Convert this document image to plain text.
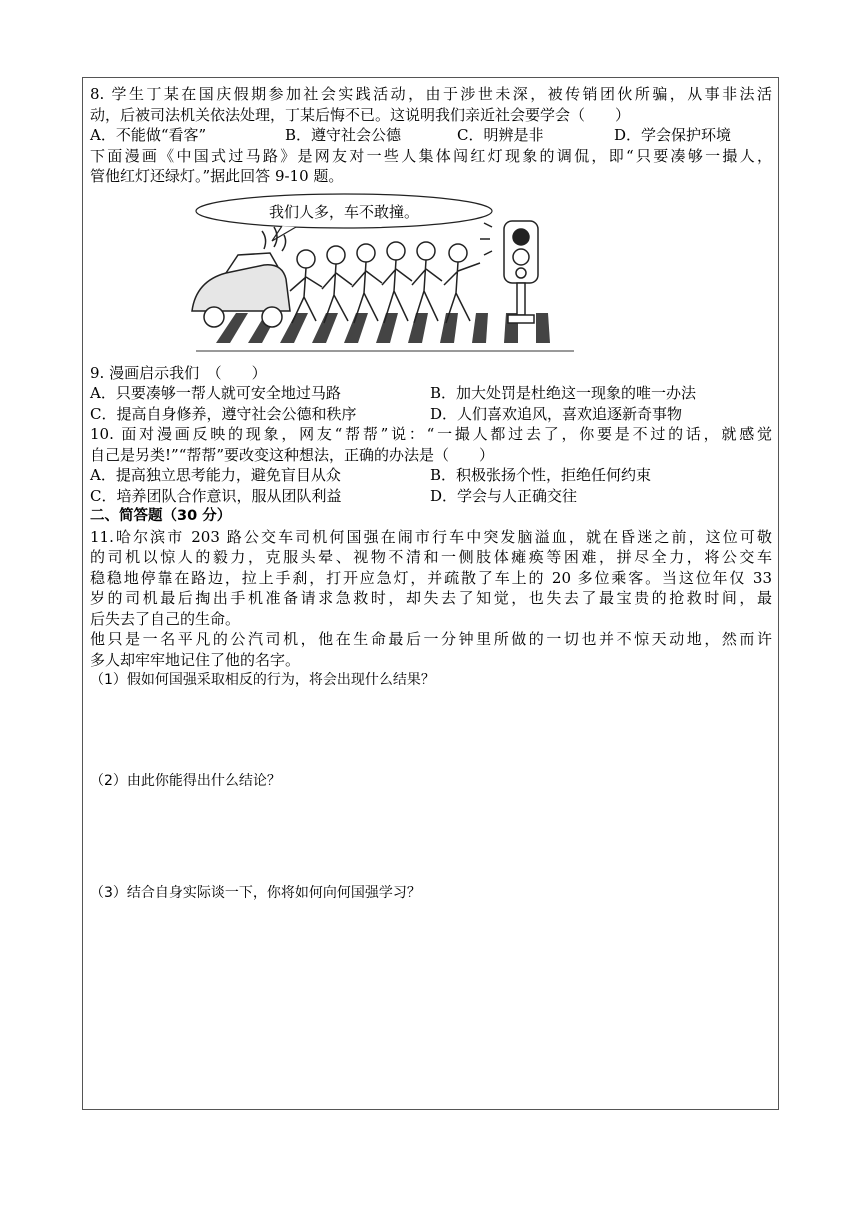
8. 学生丁某在国庆假期参加社会实践活动，由于涉世未深，被传销团伙所骗，从事非法活
动，后被司法机关依法处理，丁某后悔不已。这说明我们亲近社会要学会（　　）
A．不能做“看客”	B．遵守社会公德	C．明辨是非	D．学会保护环境
下面漫画《中国式过马路》是网友对一些人集体闯红灯现象的调侃，即“只要凑够一撮人，
管他红灯还绿灯。”据此回答 9-10 题。
我们人多，车不敢撞。
9. 漫画启示我们　（　　）
A．只要凑够一帮人就可安全地过马路	B．加大处罚是杜绝这一现象的唯一办法
C．提高自身修养，遵守社会公德和秩序	D．人们喜欢追风，喜欢追逐新奇事物
10. 面对漫画反映的现象，网友“帮帮”说：“一撮人都过去了，你要是不过的话，就感觉
自己是另类!”“帮帮”要改变这种想法，正确的办法是（　　）
A．提高独立思考能力，避免盲目从众	B．积极张扬个性，拒绝任何约束
C．培养团队合作意识，服从团队利益	D．学会与人正确交往
二、简答题（30 分）
11.哈尔滨市 203 路公交车司机何国强在闹市行车中突发脑溢血，就在昏迷之前，这位可敬
的司机以惊人的毅力，克服头晕、视物不清和一侧肢体瘫痪等困难，拼尽全力，将公交车
稳稳地停靠在路边，拉上手刹，打开应急灯，并疏散了车上的 20 多位乘客。当这位年仅 33
岁的司机最后掏出手机准备请求急救时，却失去了知觉，也失去了最宝贵的抢救时间，最
后失去了自己的生命。
他只是一名平凡的公汽司机，他在生命最后一分钟里所做的一切也并不惊天动地，然而许
多人却牢牢地记住了他的名字。
（1）假如何国强采取相反的行为，将会出现什么结果？
（2）由此你能得出什么结论？
（3）结合自身实际谈一下，你将如何向何国强学习？
